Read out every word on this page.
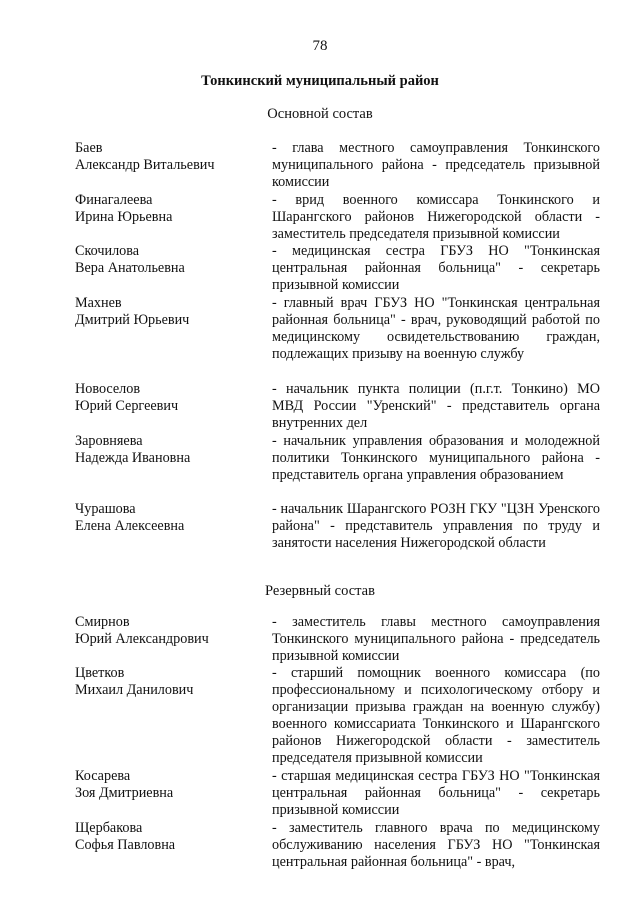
78
Тонкинский муниципальный район
Основной состав
Баев
Александр Витальевич
- глава местного самоуправления Тонкинского муниципального района - председатель призывной комиссии
Финагалеева
Ирина Юрьевна
- врид военного комиссара Тонкинского и Шарангского районов Нижегородской области - заместитель председателя призывной комиссии
Скочилова
Вера Анатольевна
- медицинская сестра ГБУЗ НО "Тонкинская центральная районная больница" - секретарь призывной комиссии
Махнев
Дмитрий Юрьевич
- главный врач ГБУЗ НО "Тонкинская центральная районная больница" - врач, руководящий работой по медицинскому освидетельствованию граждан, подлежащих призыву на военную службу
Новоселов
Юрий Сергеевич
- начальник пункта полиции (п.г.т. Тонкино) МО МВД России "Уренский" - представитель органа внутренних дел
Заровняева
Надежда Ивановна
- начальник управления образования и молодежной политики Тонкинского муниципального района - представитель органа управления образованием
Чурашова
Елена Алексеевна
- начальник Шарангского РОЗН ГКУ "ЦЗН Уренского района" - представитель управления по труду и занятости населения Нижегородской области
Резервный состав
Смирнов
Юрий Александрович
- заместитель главы местного самоуправления Тонкинского муниципального района - председатель призывной комиссии
Цветков
Михаил Данилович
- старший помощник военного комиссара (по профессиональному и психологическому отбору и организации призыва граждан на военную службу) военного комиссариата Тонкинского и Шарангского районов Нижегородской области - заместитель председателя призывной комиссии
Косарева
Зоя Дмитриевна
- старшая медицинская сестра ГБУЗ НО "Тонкинская центральная районная больница" - секретарь призывной комиссии
Щербакова
Софья Павловна
- заместитель главного врача по медицинскому обслуживанию населения ГБУЗ НО "Тонкинская центральная районная больница" - врач,
